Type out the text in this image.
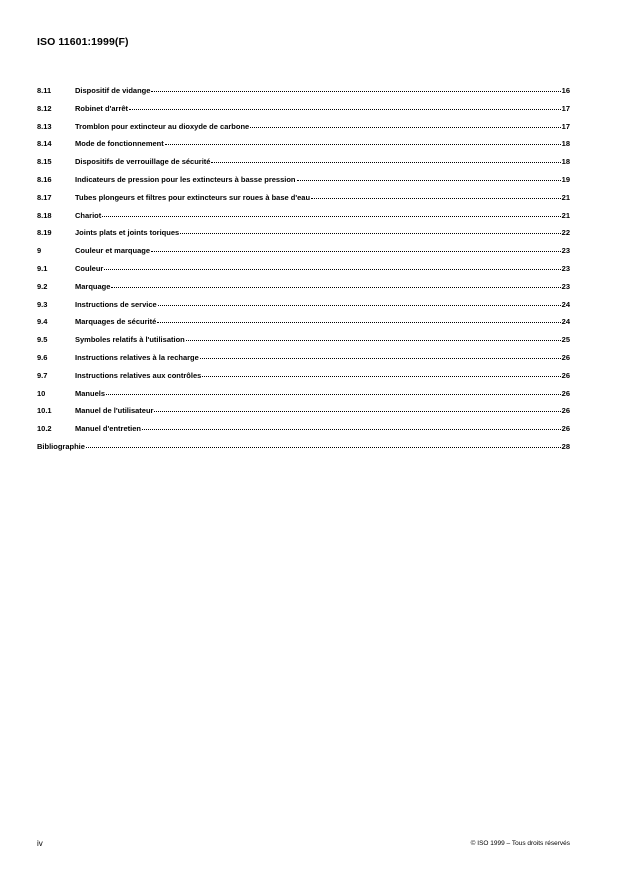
ISO 11601:1999(F)
8.11	Dispositif de vidange	16
8.12	Robinet d'arrêt	17
8.13	Tromblon pour extincteur au dioxyde de carbone	17
8.14	Mode de fonctionnement	18
8.15	Dispositifs de verrouillage de sécurité	18
8.16	Indicateurs de pression pour les extincteurs à basse pression	19
8.17	Tubes plongeurs et filtres pour extincteurs sur roues à base d'eau	21
8.18	Chariot	21
8.19	Joints plats et joints toriques	22
9	Couleur et marquage	23
9.1	Couleur	23
9.2	Marquage	23
9.3	Instructions de service	24
9.4	Marquages de sécurité	24
9.5	Symboles relatifs à l'utilisation	25
9.6	Instructions relatives à la recharge	26
9.7	Instructions relatives aux contrôles	26
10	Manuels	26
10.1	Manuel de l'utilisateur	26
10.2	Manuel d'entretien	26
Bibliographie	28
iv	© ISO 1999 – Tous droits réservés
